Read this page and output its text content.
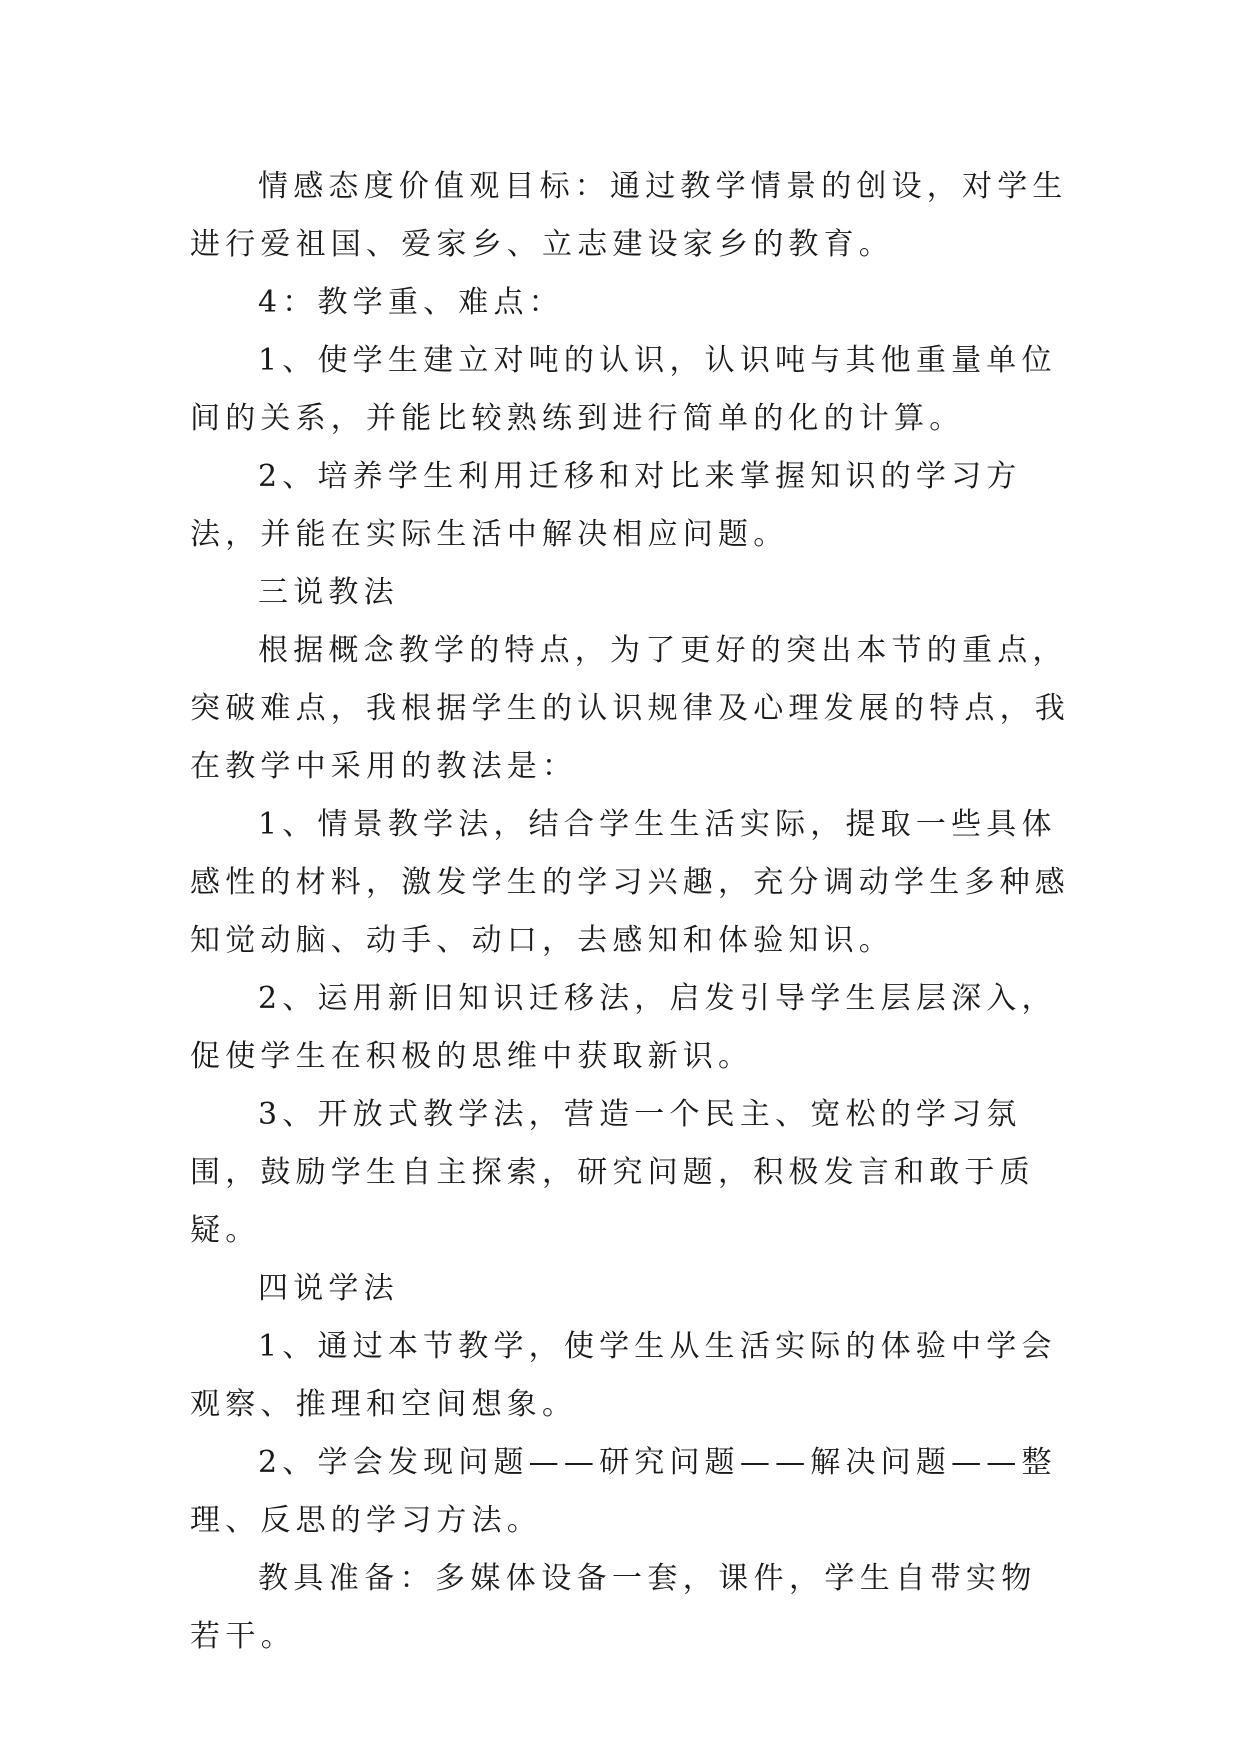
情感态度价值观目标：通过教学情景的创设，对学生进行爱祖国、爱家乡、立志建设家乡的教育。

4：教学重、难点：

1、使学生建立对吨的认识，认识吨与其他重量单位间的关系，并能比较熟练到进行简单的化的计算。

2、培养学生利用迁移和对比来掌握知识的学习方法，并能在实际生活中解决相应问题。

三说教法

根据概念教学的特点，为了更好的突出本节的重点，突破难点，我根据学生的认识规律及心理发展的特点，我在教学中采用的教法是：

1、情景教学法，结合学生生活实际，提取一些具体感性的材料，激发学生的学习兴趣，充分调动学生多种感知觉动脑、动手、动口，去感知和体验知识。

2、运用新旧知识迁移法，启发引导学生层层深入，促使学生在积极的思维中获取新识。

3、开放式教学法，营造一个民主、宽松的学习氛围，鼓励学生自主探索，研究问题，积极发言和敢于质疑。

四说学法

1、通过本节教学，使学生从生活实际的体验中学会观察、推理和空间想象。

2、学会发现问题——研究问题——解决问题——整理、反思的学习方法。

教具准备：多媒体设备一套，课件，学生自带实物若干。
